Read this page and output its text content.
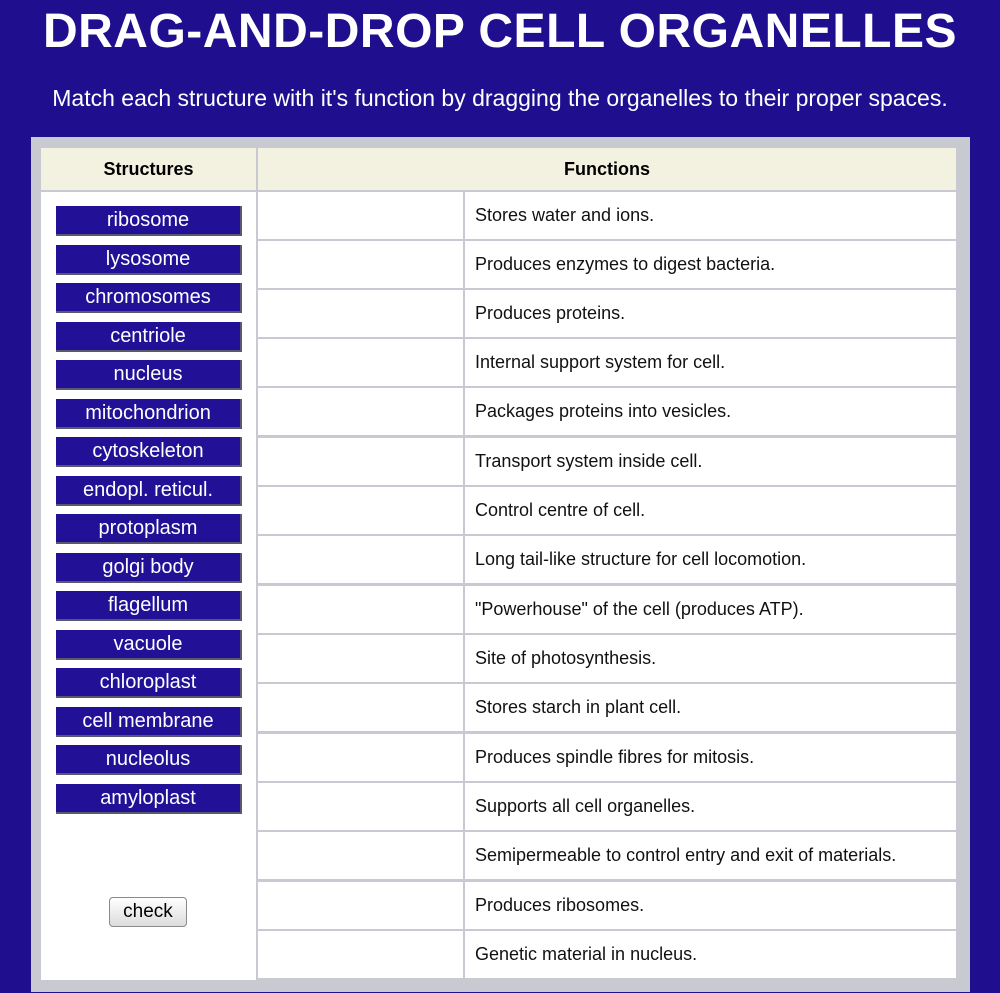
DRAG-AND-DROP CELL ORGANELLES
Match each structure with it's function by dragging the organelles to their proper spaces.
Structures	Functions
ribosome
lysosome
chromosomes
centriole
nucleus
mitochondrion
cytoskeleton
endopl. reticul.
protoplasm
golgi body
flagellum
vacuole
chloroplast
cell membrane
nucleolus
amyloplast
check
Stores water and ions.
Produces enzymes to digest bacteria.
Produces proteins.
Internal support system for cell.
Packages proteins into vesicles.
Transport system inside cell.
Control centre of cell.
Long tail-like structure for cell locomotion.
"Powerhouse" of the cell (produces ATP).
Site of photosynthesis.
Stores starch in plant cell.
Produces spindle fibres for mitosis.
Supports all cell organelles.
Semipermeable to control entry and exit of materials.
Produces ribosomes.
Genetic material in nucleus.
